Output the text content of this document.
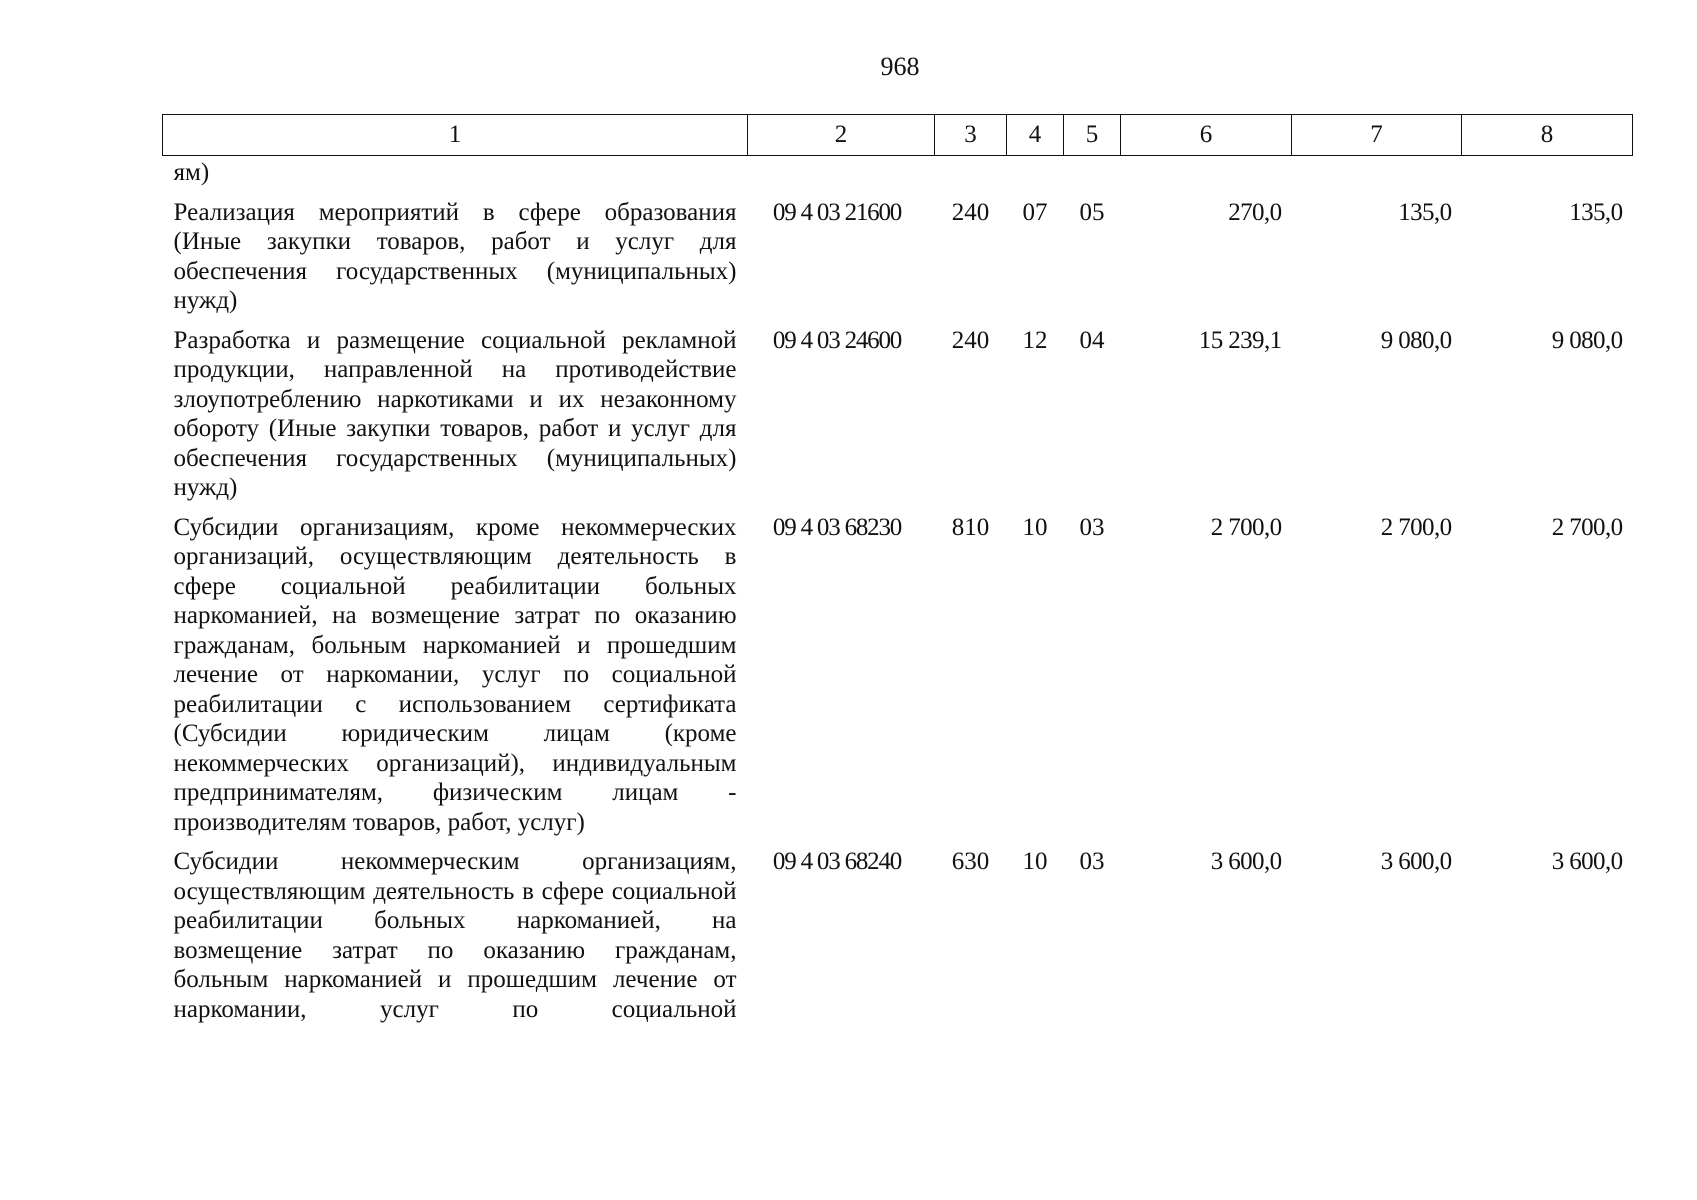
968
1	2	3	4	5	6	7	8
ям)							
Реализация мероприятий в сфере образования (Иные закупки товаров, работ и услуг для обеспечения государственных (муниципальных) нужд)	09 4 03 21600	240	07	05	270,0	135,0	135,0
Разработка и размещение социальной рекламной продукции, направленной на противодействие злоупотреблению наркотиками и их незаконному обороту (Иные закупки товаров, работ и услуг для обеспечения государственных (муниципальных) нужд)	09 4 03 24600	240	12	04	15 239,1	9 080,0	9 080,0
Субсидии организациям, кроме некоммерческих организаций, осуществляющим деятельность в сфере социальной реабилитации больных наркоманией, на возмещение затрат по оказанию гражданам, больным наркоманией и прошедшим лечение от наркомании, услуг по социальной реабилитации с использованием сертификата (Субсидии юридическим лицам (кроме некоммерческих организаций), индивидуальным предпринимателям, физическим лицам - производителям товаров, работ, услуг)	09 4 03 68230	810	10	03	2 700,0	2 700,0	2 700,0
Субсидии некоммерческим организациям, осуществляющим деятельность в сфере социальной реабилитации больных наркоманией, на возмещение затрат по оказанию гражданам, больным наркоманией и прошедшим лечение от наркомании, услуг по социальной	09 4 03 68240	630	10	03	3 600,0	3 600,0	3 600,0
